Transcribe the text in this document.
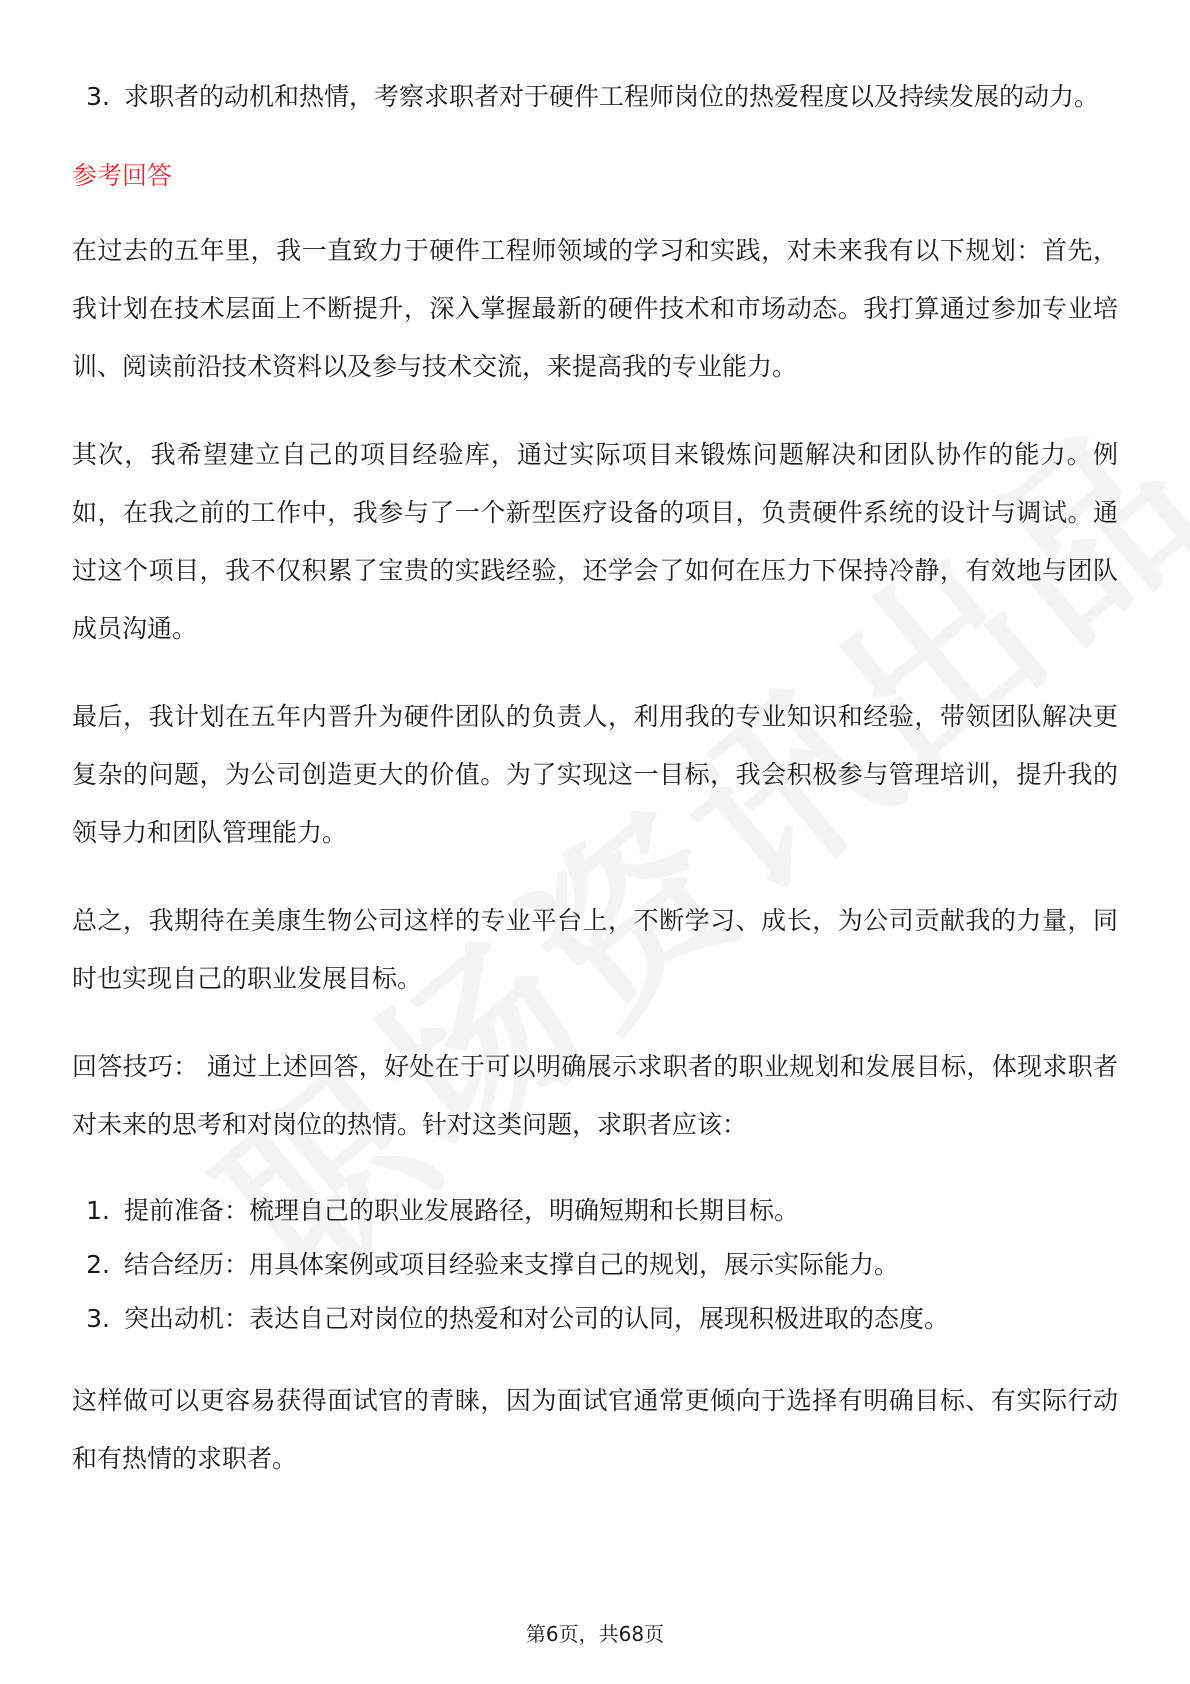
3. 求职者的动机和热情，考察求职者对于硬件工程师岗位的热爱程度以及持续发展的动力。
参考回答

在过去的五年里，我一直致力于硬件工程师领域的学习和实践，对未来我有以下规划：首先，我计划在技术层面上不断提升，深入掌握最新的硬件技术和市场动态。我打算通过参加专业培训、阅读前沿技术资料以及参与技术交流，来提高我的专业能力。

其次，我希望建立自己的项目经验库，通过实际项目来锻炼问题解决和团队协作的能力。例如，在我之前的工作中，我参与了一个新型医疗设备的项目，负责硬件系统的设计与调试。通过这个项目，我不仅积累了宝贵的实践经验，还学会了如何在压力下保持冷静，有效地与团队成员沟通。

最后，我计划在五年内晋升为硬件团队的负责人，利用我的专业知识和经验，带领团队解决更复杂的问题，为公司创造更大的价值。为了实现这一目标，我会积极参与管理培训，提升我的领导力和团队管理能力。

总之，我期待在美康生物公司这样的专业平台上，不断学习、成长，为公司贡献我的力量，同时也实现自己的职业发展目标。

回答技巧： 通过上述回答，好处在于可以明确展示求职者的职业规划和发展目标，体现求职者对未来的思考和对岗位的热情。针对这类问题，求职者应该：

1. 提前准备：梳理自己的职业发展路径，明确短期和长期目标。
2. 结合经历：用具体案例或项目经验来支撑自己的规划，展示实际能力。
3. 突出动机：表达自己对岗位的热爱和对公司的认同，展现积极进取的态度。

这样做可以更容易获得面试官的青睐，因为面试官通常更倾向于选择有明确目标、有实际行动和有热情的求职者。

第6页，共68页
